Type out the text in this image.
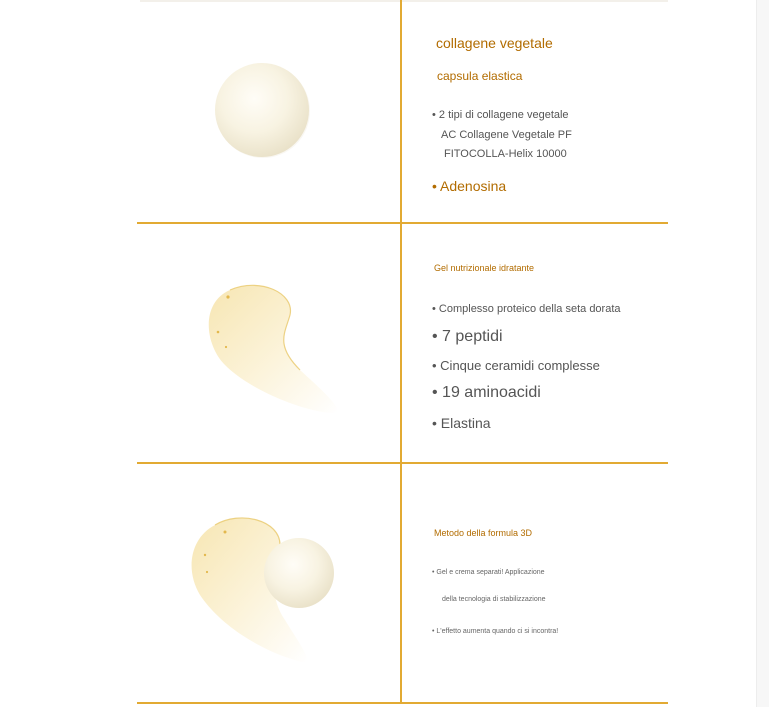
collagene vegetale
capsula elastica
• 2 tipi di collagene vegetale
AC Collagene Vegetale PF
FITOCOLLA-Helix 10000
• Adenosina
Gel nutrizionale idratante
• Complesso proteico della seta dorata
• 7 peptidi
• Cinque ceramidi complesse
• 19 aminoacidi
• Elastina
Metodo della formula 3D
• Gel e crema separati! Applicazione
della tecnologia di stabilizzazione
• L'effetto aumenta quando ci si incontra!
